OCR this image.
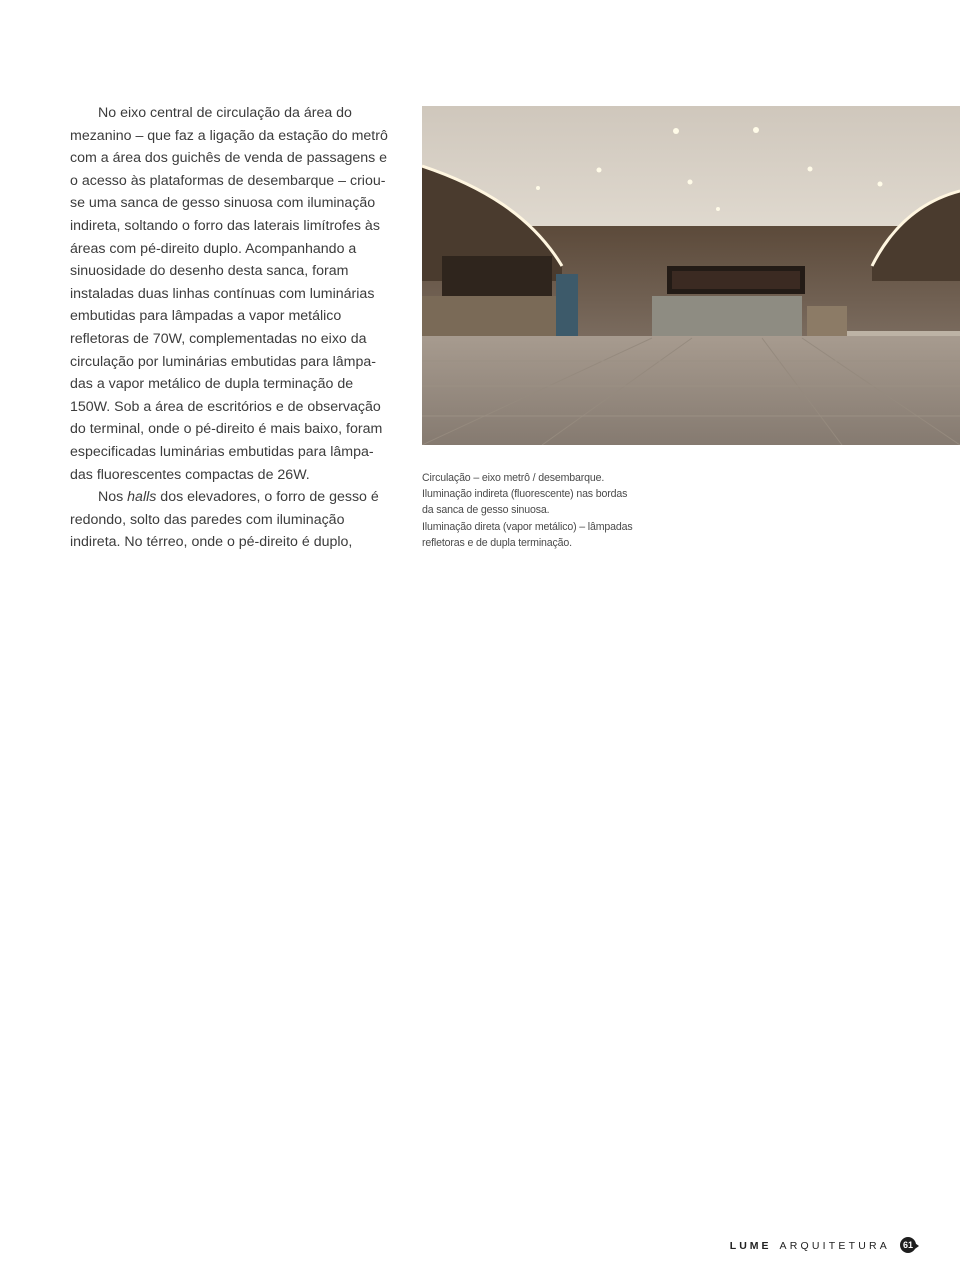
No eixo central de circulação da área do
mezanino – que faz a ligação da estação do metrô
com a área dos guichês de venda de passagens e
o acesso às plataformas de desembarque – criou-
se uma sanca de gesso sinuosa com iluminação
indireta, soltando o forro das laterais limítrofes às
áreas com pé-direito duplo. Acompanhando a
sinuosidade do desenho desta sanca, foram
instaladas duas linhas contínuas com luminárias
embutidas para lâmpadas a vapor metálico
refletoras de 70W, complementadas no eixo da
circulação por luminárias embutidas para lâmpa-
das a vapor metálico de dupla terminação de
150W. Sob a área de escritórios e de observação
do terminal, onde o pé-direito é mais baixo, foram
especificadas luminárias embutidas para lâmpa-
das fluorescentes compactas de 26W.
Nos halls dos elevadores, o forro de gesso é
redondo, solto das paredes com iluminação
indireta. No térreo, onde o pé-direito é duplo,
Circulação – eixo metrô / desembarque.
Iluminação indireta (fluorescente) nas bordas
da sanca de gesso sinuosa.
Iluminação direta (vapor metálico) – lâmpadas
refletoras e de dupla terminação.
LUME ARQUITETURA 61
